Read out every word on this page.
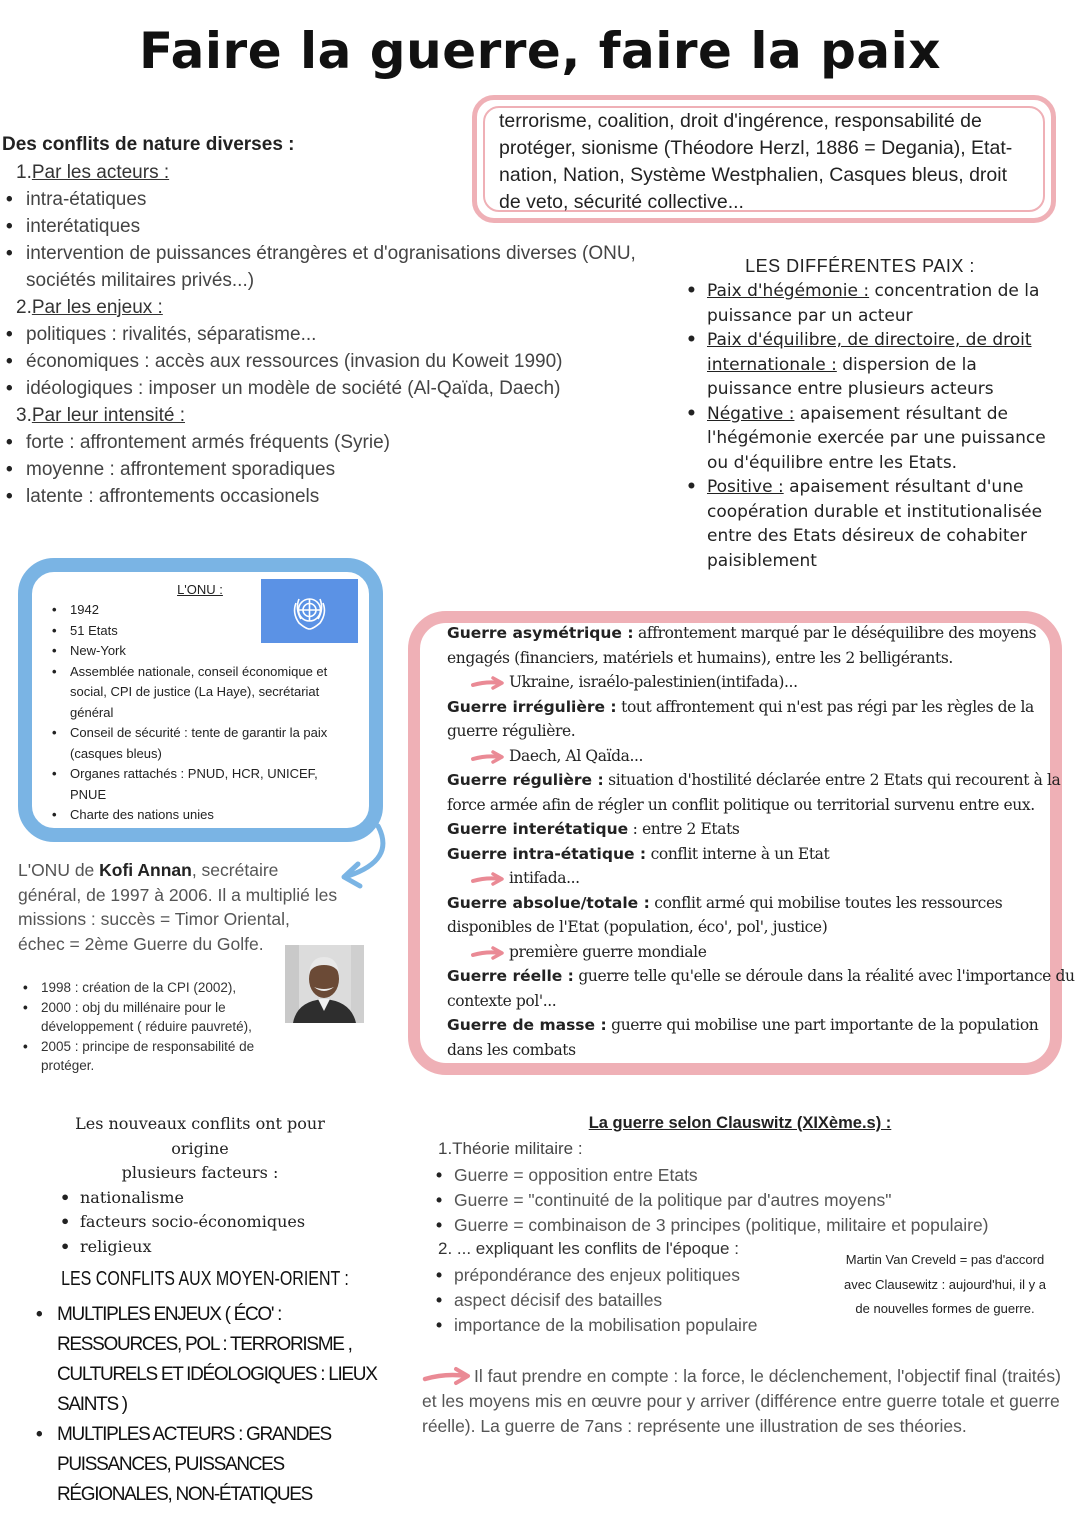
Faire la guerre, faire la paix
terrorisme, coalition, droit d'ingérence, responsabilité de protéger, sionisme (Théodore Herzl, 1886 = Degania), Etat-nation, Nation, Système Westphalien, Casques bleus, droit de veto, sécurité collective...
Des conflits de nature diverses :
1.Par les acteurs :
• intra-étatiques
• interétatiques
• intervention de puissances étrangères et d'ogranisations diverses (ONU, sociétés militaires privés...)
2.Par les enjeux :
• politiques : rivalités, séparatisme...
• économiques : accès aux ressources (invasion du Koweit 1990)
• idéologiques : imposer un modèle de société (Al-Qaïda, Daech)
3.Par leur intensité :
• forte : affrontement armés fréquents (Syrie)
• moyenne : affrontement sporadiques
• latente : affrontements occasionels
LES DIFFÉRENTES PAIX :
• Paix d'hégémonie : concentration de la puissance par un acteur
• Paix d'équilibre, de directoire, de droit internationale : dispersion de la puissance entre plusieurs acteurs
• Négative : apaisement résultant de l'hégémonie exercée par une puissance ou d'équilibre entre les Etats.
• Positive : apaisement résultant d'une coopération durable et institutionalisée entre des Etats désireux de cohabiter paisiblement
L'ONU :
• 1942
• 51 Etats
• New-York
• Assemblée nationale, conseil économique et social, CPI de justice (La Haye), secrétariat général
• Conseil de sécurité : tente de garantir la paix (casques bleus)
• Organes rattachés : PNUD, HCR, UNICEF, PNUE
• Charte des nations unies
L'ONU de Kofi Annan, secrétaire général, de 1997 à 2006. Il a multiplié les missions : succès = Timor Oriental, échec = 2ème Guerre du Golfe.
• 1998 : création de la CPI (2002),
• 2000 : obj du millénaire pour le développement ( réduire pauvreté),
• 2005 : principe de responsabilité de protéger.
Guerre asymétrique : affrontement marqué par le déséquilibre des moyens
engagés (financiers, matériels et humains), entre les 2 belligérants.
Ukraine, israélo-palestinien(intifada)...
Guerre irrégulière : tout affrontement qui n'est pas régi par les règles de la
guerre régulière.
Daech, Al Qaïda...
Guerre régulière : situation d'hostilité déclarée entre 2 Etats qui recourent à la
force armée afin de régler un conflit politique ou territorial survenu entre eux.
Guerre interétatique : entre 2 Etats
Guerre intra-étatique : conflit interne à un Etat
intifada...
Guerre absolue/totale : conflit armé qui mobilise toutes les ressources
disponibles de l'Etat (population, éco', pol', justice)
première guerre mondiale
Guerre réelle : guerre telle qu'elle se déroule dans la réalité avec l'importance du
contexte pol'...
Guerre de masse : guerre qui mobilise une part importante de la population
dans les combats
Les nouveaux conflits ont pour origine
plusieurs facteurs :
• nationalisme
• facteurs socio-économiques
• religieux
LES CONFLITS AUX MOYEN-ORIENT :
• MULTIPLES ENJEUX ( ÉCO' : RESSOURCES, POL : TERRORISME , CULTURELS ET IDÉOLOGIQUES : LIEUX SAINTS )
• MULTIPLES ACTEURS : GRANDES PUISSANCES, PUISSANCES RÉGIONALES, NON-ÉTATIQUES
La guerre selon Clauswitz (XIXème.s) :
1.Théorie militaire :
• Guerre = opposition entre Etats
• Guerre = "continuité de la politique par d'autres moyens"
• Guerre = combinaison de 3 principes (politique, militaire et populaire)
2. ... expliquant les conflits de l'époque :
• prépondérance des enjeux politiques
• aspect décisif des batailles
• importance de la mobilisation populaire
Martin Van Creveld = pas d'accord avec Clausewitz : aujourd'hui, il y a de nouvelles formes de guerre.
Il faut prendre en compte : la force, le déclenchement, l'objectif final (traités) et les moyens mis en œuvre pour y arriver (différence entre guerre totale et guerre réelle). La guerre de 7ans : représente une illustration de ses théories.
